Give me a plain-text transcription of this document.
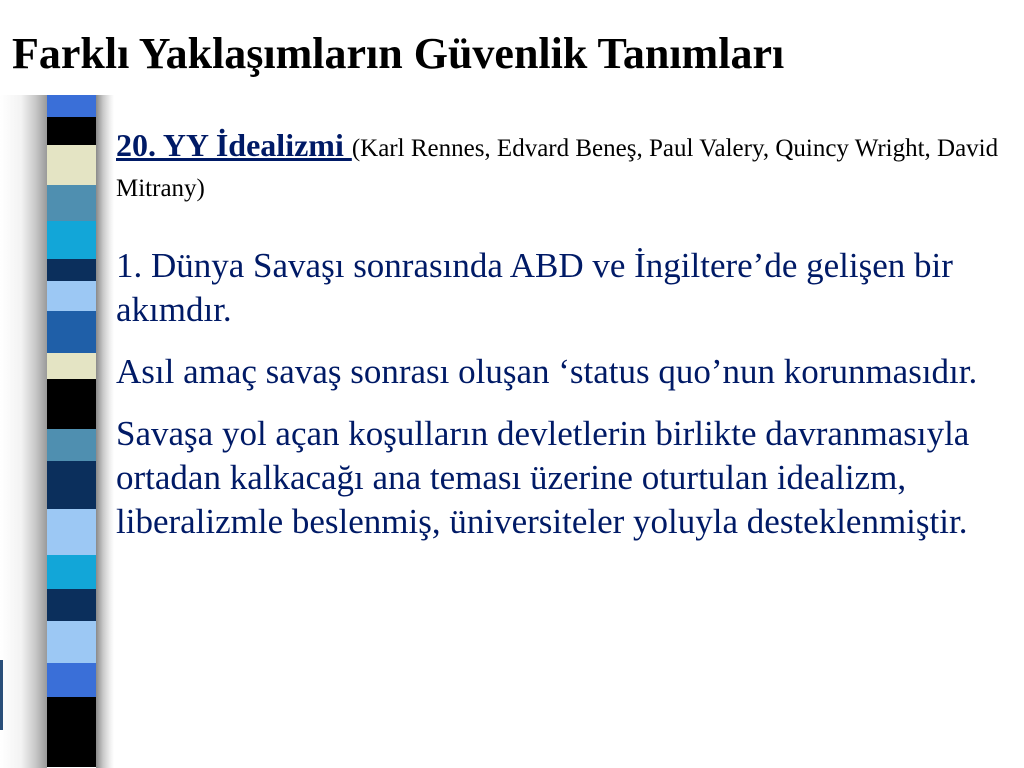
Farklı Yaklaşımların Güvenlik Tanımları

20. YY İdealizmi (Karl Rennes, Edvard Beneş, Paul Valery, Quincy Wright, David Mitrany)

1. Dünya Savaşı sonrasında ABD ve İngiltere’de gelişen bir akımdır.

Asıl amaç savaş sonrası oluşan ‘status quo’nun korunmasıdır.

Savaşa yol açan koşulların devletlerin birlikte davranmasıyla ortadan kalkacağı ana teması üzerine oturtulan idealizm, liberalizmle beslenmiş, üniversiteler yoluyla desteklenmiştir.
